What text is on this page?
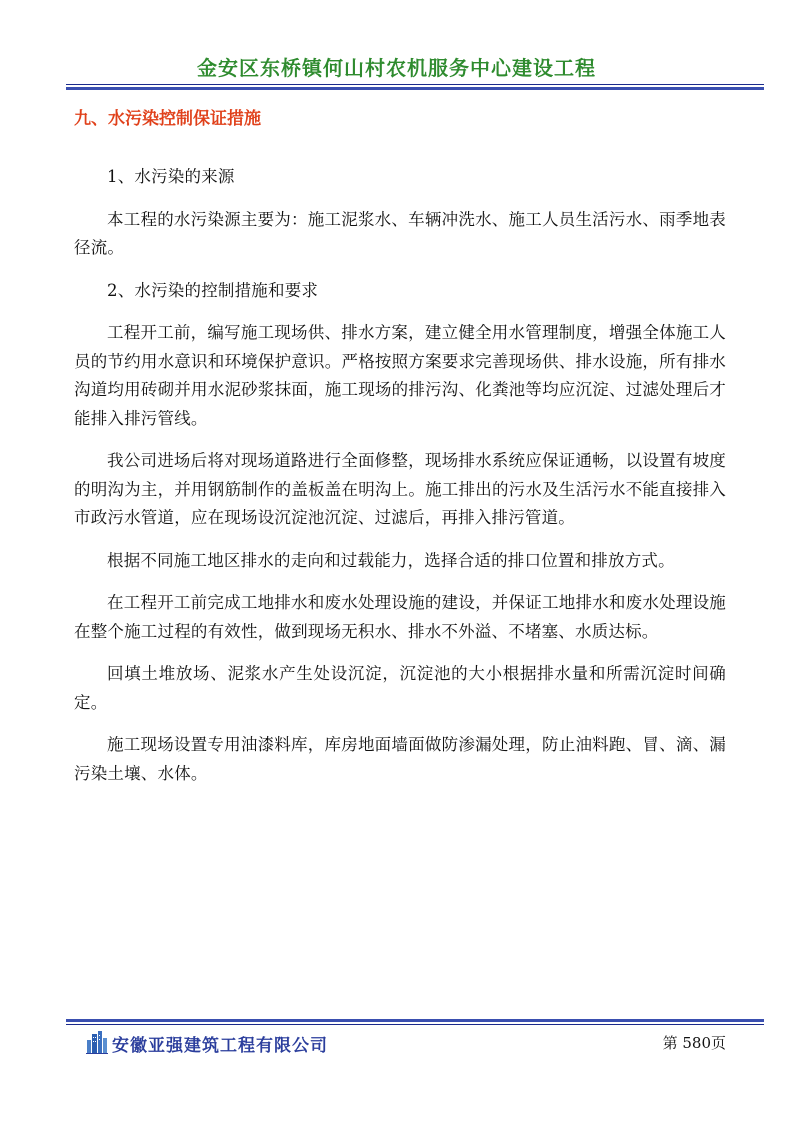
金安区东桥镇何山村农机服务中心建设工程
九、水污染控制保证措施

1、水污染的来源

本工程的水污染源主要为：施工泥浆水、车辆冲洗水、施工人员生活污水、雨季地表径流。

2、水污染的控制措施和要求

工程开工前，编写施工现场供、排水方案，建立健全用水管理制度，增强全体施工人员的节约用水意识和环境保护意识。严格按照方案要求完善现场供、排水设施，所有排水沟道均用砖砌并用水泥砂浆抹面，施工现场的排污沟、化粪池等均应沉淀、过滤处理后才能排入排污管线。

我公司进场后将对现场道路进行全面修整，现场排水系统应保证通畅，以设置有坡度的明沟为主，并用钢筋制作的盖板盖在明沟上。施工排出的污水及生活污水不能直接排入市政污水管道，应在现场设沉淀池沉淀、过滤后，再排入排污管道。

根据不同施工地区排水的走向和过载能力，选择合适的排口位置和排放方式。

在工程开工前完成工地排水和废水处理设施的建设，并保证工地排水和废水处理设施在整个施工过程的有效性，做到现场无积水、排水不外溢、不堵塞、水质达标。

回填土堆放场、泥浆水产生处设沉淀，沉淀池的大小根据排水量和所需沉淀时间确定。

施工现场设置专用油漆料库，库房地面墙面做防渗漏处理，防止油料跑、冒、滴、漏污染土壤、水体。

安徽亚强建筑工程有限公司	第 580页
